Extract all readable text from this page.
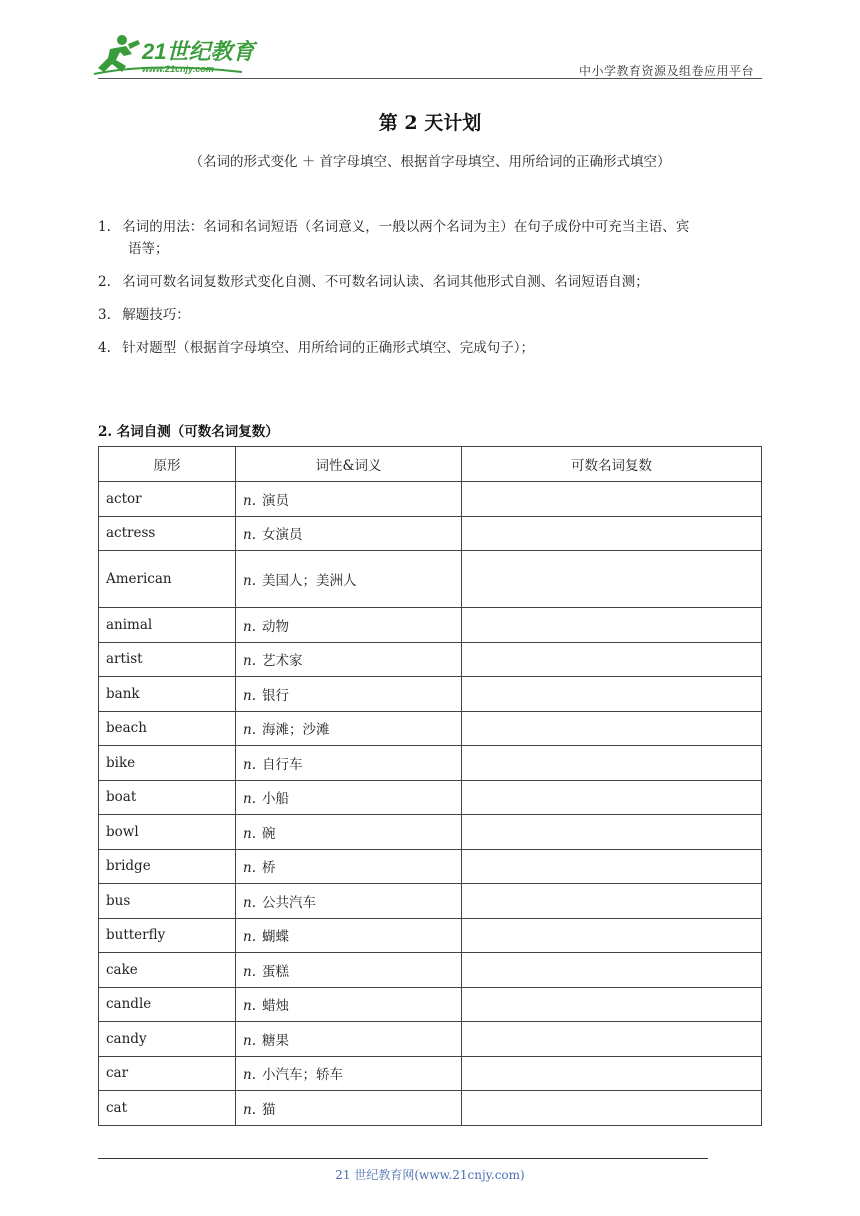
21世纪教育
www.21cnjy.com	中小学教育资源及组卷应用平台
第 2 天计划
（名词的形式变化 ＋ 首字母填空、根据首字母填空、用所给词的正确形式填空）
1. 名词的用法：名词和名词短语（名词意义，一般以两个名词为主）在句子成份中可充当主语、宾
语等；
2. 名词可数名词复数形式变化自测、不可数名词认读、名词其他形式自测、名词短语自测；
3. 解题技巧：
4. 针对题型（根据首字母填空、用所给词的正确形式填空、完成句子）；
2. 名词自测（可数名词复数）
原形	词性&词义	可数名词复数
actor	n. 演员	
actress	n. 女演员	
American	n. 美国人；美洲人	
animal	n. 动物	
artist	n. 艺术家	
bank	n. 银行	
beach	n. 海滩；沙滩	
bike	n. 自行车	
boat	n. 小船	
bowl	n. 碗	
bridge	n. 桥	
bus	n. 公共汽车	
butterfly	n. 蝴蝶	
cake	n. 蛋糕	
candle	n. 蜡烛	
candy	n. 糖果	
car	n. 小汽车；轿车	
cat	n. 猫	
21 世纪教育网(www.21cnjy.com)
